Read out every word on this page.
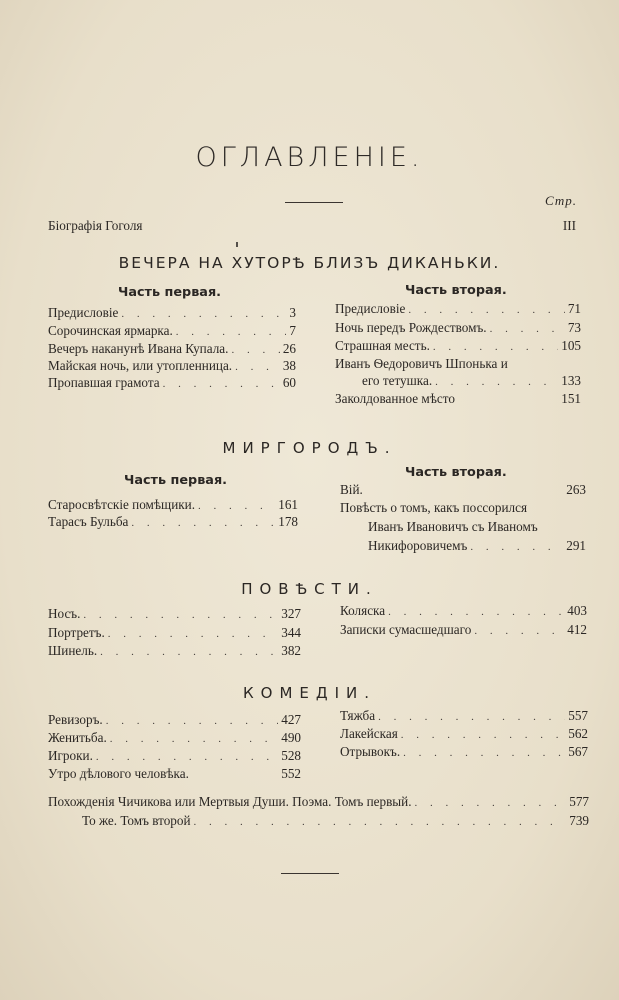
ОГЛАВЛЕНIE.
Стр.
Біографія Гоголя	III
ВЕЧЕРА НА ХУТОРѢ БЛИЗЪ ДИКАНЬКИ.
Часть первая.	Часть вторая.
Предисловіе . . .	3
Сорочинская ярмарка. . . .	7
Вечеръ наканунѣ Ивана Купала. . . .	26
Майская ночь, или утопленница. . . .	38
Пропавшая грамота . . .	60
Предисловіе . . .	71
Ночь передъ Рождествомъ. . . .	73
Страшная месть. . . .	105
Иванъ Ѳедоровичъ Шпонька и
его тетушка. . . .	133
Заколдованное мѣсто	151
МИРГОРОДЪ.
Часть первая.
Часть вторая.
Старосвѣтскіе помѣщики. . . .	161
Тарасъ Бульба . . .	178
Вій.	263
Повѣсть о томъ, какъ поссорился
Иванъ Ивановичъ съ Иваномъ
Никифоровичемъ . . .	291
ПОВѢСТИ.
Носъ. . . .	327
Портретъ. . . .	344
Шинель. . . .	382
Коляска . . .	403
Записки сумасшедшаго . . .	412
КОМЕДIИ.
Ревизоръ. . . .	427
Женитьба. . . .	490
Игроки. . . .	528
Утро дѣлового человѣка.	552
Тяжба . . .	557
Лакейская . . .	562
Отрывокъ. . . .	567
Похожденія Чичикова или Мертвыя Души. Поэма. Томъ первый. . . .	577
То же. Томъ второй . . .	739
